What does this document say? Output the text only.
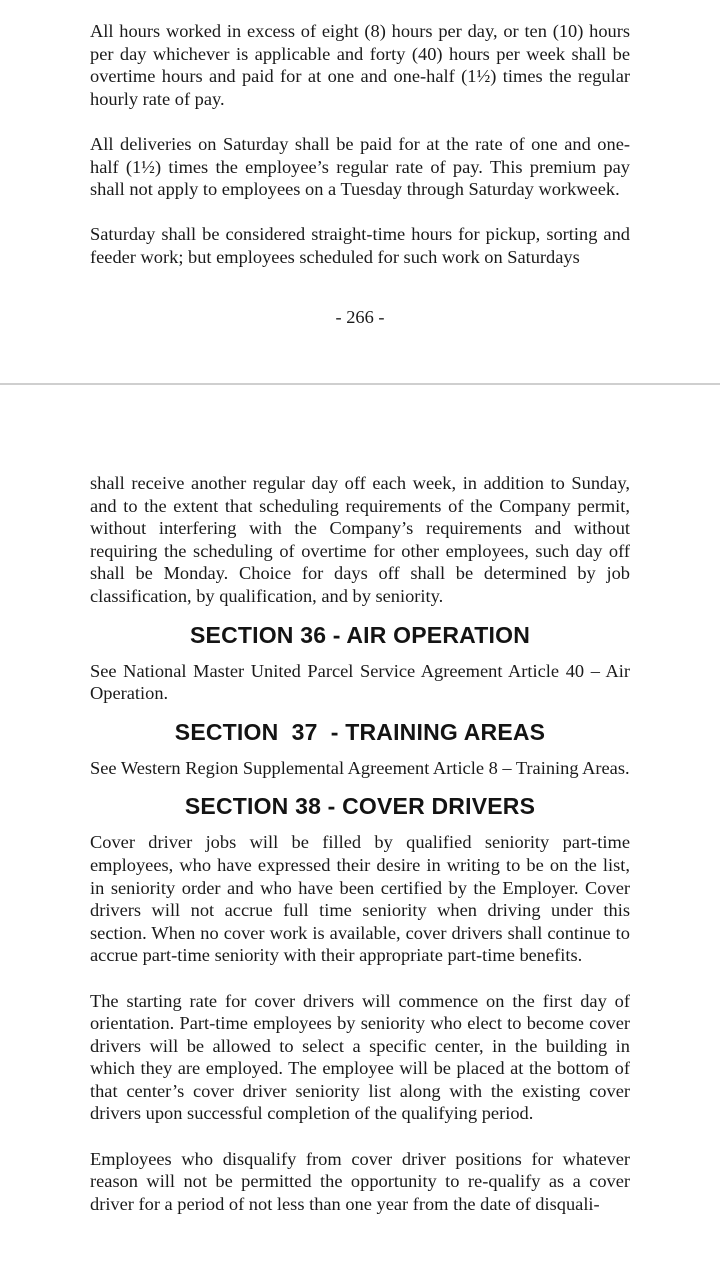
All hours worked in excess of eight (8) hours per day, or ten (10) hours per day whichever is applicable and forty (40) hours per week shall be overtime hours and paid for at one and one-half (1½) times the regular hourly rate of pay.

All deliveries on Saturday shall be paid for at the rate of one and one-half (1½) times the employee’s regular rate of pay. This premium pay shall not apply to employees on a Tuesday through Saturday workweek.

Saturday shall be considered straight-time hours for pickup, sorting and feeder work; but employees scheduled for such work on Saturdays

- 266 -

shall receive another regular day off each week, in addition to Sunday, and to the extent that scheduling requirements of the Company permit, without interfering with the Company’s requirements and without requiring the scheduling of overtime for other employees, such day off shall be Monday. Choice for days off shall be determined by job classification, by qualification, and by seniority.

SECTION 36 - AIR OPERATION

See National Master United Parcel Service Agreement Article 40 – Air Operation.

SECTION  37  - TRAINING AREAS

See Western Region Supplemental Agreement Article 8 – Training Areas.

SECTION 38 - COVER DRIVERS

Cover driver jobs will be filled by qualified seniority part-time employees, who have expressed their desire in writing to be on the list, in seniority order and who have been certified by the Employer. Cover drivers will not accrue full time seniority when driving under this section. When no cover work is available, cover drivers shall continue to accrue part-time seniority with their appropriate part-time benefits.

The starting rate for cover drivers will commence on the first day of orientation. Part-time employees by seniority who elect to become cover drivers will be allowed to select a specific center, in the building in which they are employed. The employee will be placed at the bottom of that center’s cover driver seniority list along with the existing cover drivers upon successful completion of the qualifying period.

Employees who disqualify from cover driver positions for whatever reason will not be permitted the opportunity to re-qualify as a cover driver for a period of not less than one year from the date of disquali-
